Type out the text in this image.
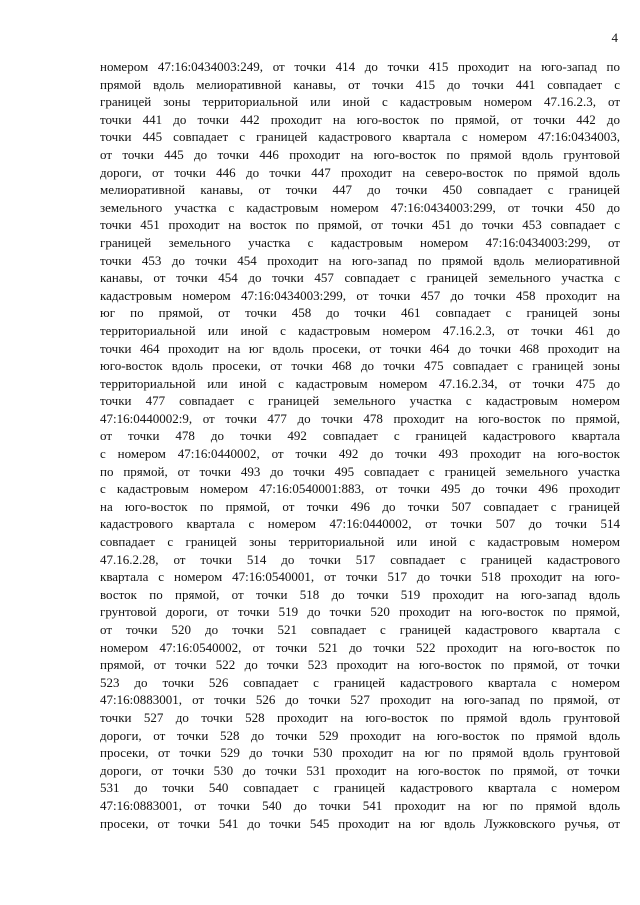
4
номером 47:16:0434003:249, от точки 414 до точки 415 проходит на юго-запад по
прямой вдоль мелиоративной канавы, от точки 415 до точки 441 совпадает с
границей зоны территориальной или иной с кадастровым номером 47.16.2.3, от
точки 441 до точки 442 проходит на юго-восток по прямой, от точки 442 до
точки 445 совпадает с границей кадастрового квартала с номером 47:16:0434003,
от точки 445 до точки 446 проходит на юго-восток по прямой вдоль грунтовой
дороги, от точки 446 до точки 447 проходит на северо-восток по прямой вдоль
мелиоративной канавы, от точки 447 до точки 450 совпадает с границей
земельного участка с кадастровым номером 47:16:0434003:299, от точки 450 до
точки 451 проходит на восток по прямой, от точки 451 до точки 453 совпадает с
границей земельного участка с кадастровым номером 47:16:0434003:299, от
точки 453 до точки 454 проходит на юго-запад по прямой вдоль мелиоративной
канавы, от точки 454 до точки 457 совпадает с границей земельного участка с
кадастровым номером 47:16:0434003:299, от точки 457 до точки 458 проходит на
юг по прямой, от точки 458 до точки 461 совпадает с границей зоны
территориальной или иной с кадастровым номером 47.16.2.3, от точки 461 до
точки 464 проходит на юг вдоль просеки, от точки 464 до точки 468 проходит на
юго-восток вдоль просеки, от точки 468 до точки 475 совпадает с границей зоны
территориальной или иной с кадастровым номером 47.16.2.34, от точки 475 до
точки 477 совпадает с границей земельного участка с кадастровым номером
47:16:0440002:9, от точки 477 до точки 478 проходит на юго-восток по прямой,
от точки 478 до точки 492 совпадает с границей кадастрового квартала
с номером 47:16:0440002, от точки 492 до точки 493 проходит на юго-восток
по прямой, от точки 493 до точки 495 совпадает с границей земельного участка
с кадастровым номером 47:16:0540001:883, от точки 495 до точки 496 проходит
на юго-восток по прямой, от точки 496 до точки 507 совпадает с границей
кадастрового квартала с номером 47:16:0440002, от точки 507 до точки 514
совпадает с границей зоны территориальной или иной с кадастровым номером
47.16.2.28, от точки 514 до точки 517 совпадает с границей кадастрового
квартала с номером 47:16:0540001, от точки 517 до точки 518 проходит на юго-
восток по прямой, от точки 518 до точки 519 проходит на юго-запад вдоль
грунтовой дороги, от точки 519 до точки 520 проходит на юго-восток по прямой,
от точки 520 до точки 521 совпадает с границей кадастрового квартала с
номером 47:16:0540002, от точки 521 до точки 522 проходит на юго-восток по
прямой, от точки 522 до точки 523 проходит на юго-восток по прямой, от точки
523 до точки 526 совпадает с границей кадастрового квартала с номером
47:16:0883001, от точки 526 до точки 527 проходит на юго-запад по прямой, от
точки 527 до точки 528 проходит на юго-восток по прямой вдоль грунтовой
дороги, от точки 528 до точки 529 проходит на юго-восток по прямой вдоль
просеки, от точки 529 до точки 530 проходит на юг по прямой вдоль грунтовой
дороги, от точки 530 до точки 531 проходит на юго-восток по прямой, от точки
531 до точки 540 совпадает с границей кадастрового квартала с номером
47:16:0883001, от точки 540 до точки 541 проходит на юг по прямой вдоль
просеки, от точки 541 до точки 545 проходит на юг вдоль Лужковского ручья, от
